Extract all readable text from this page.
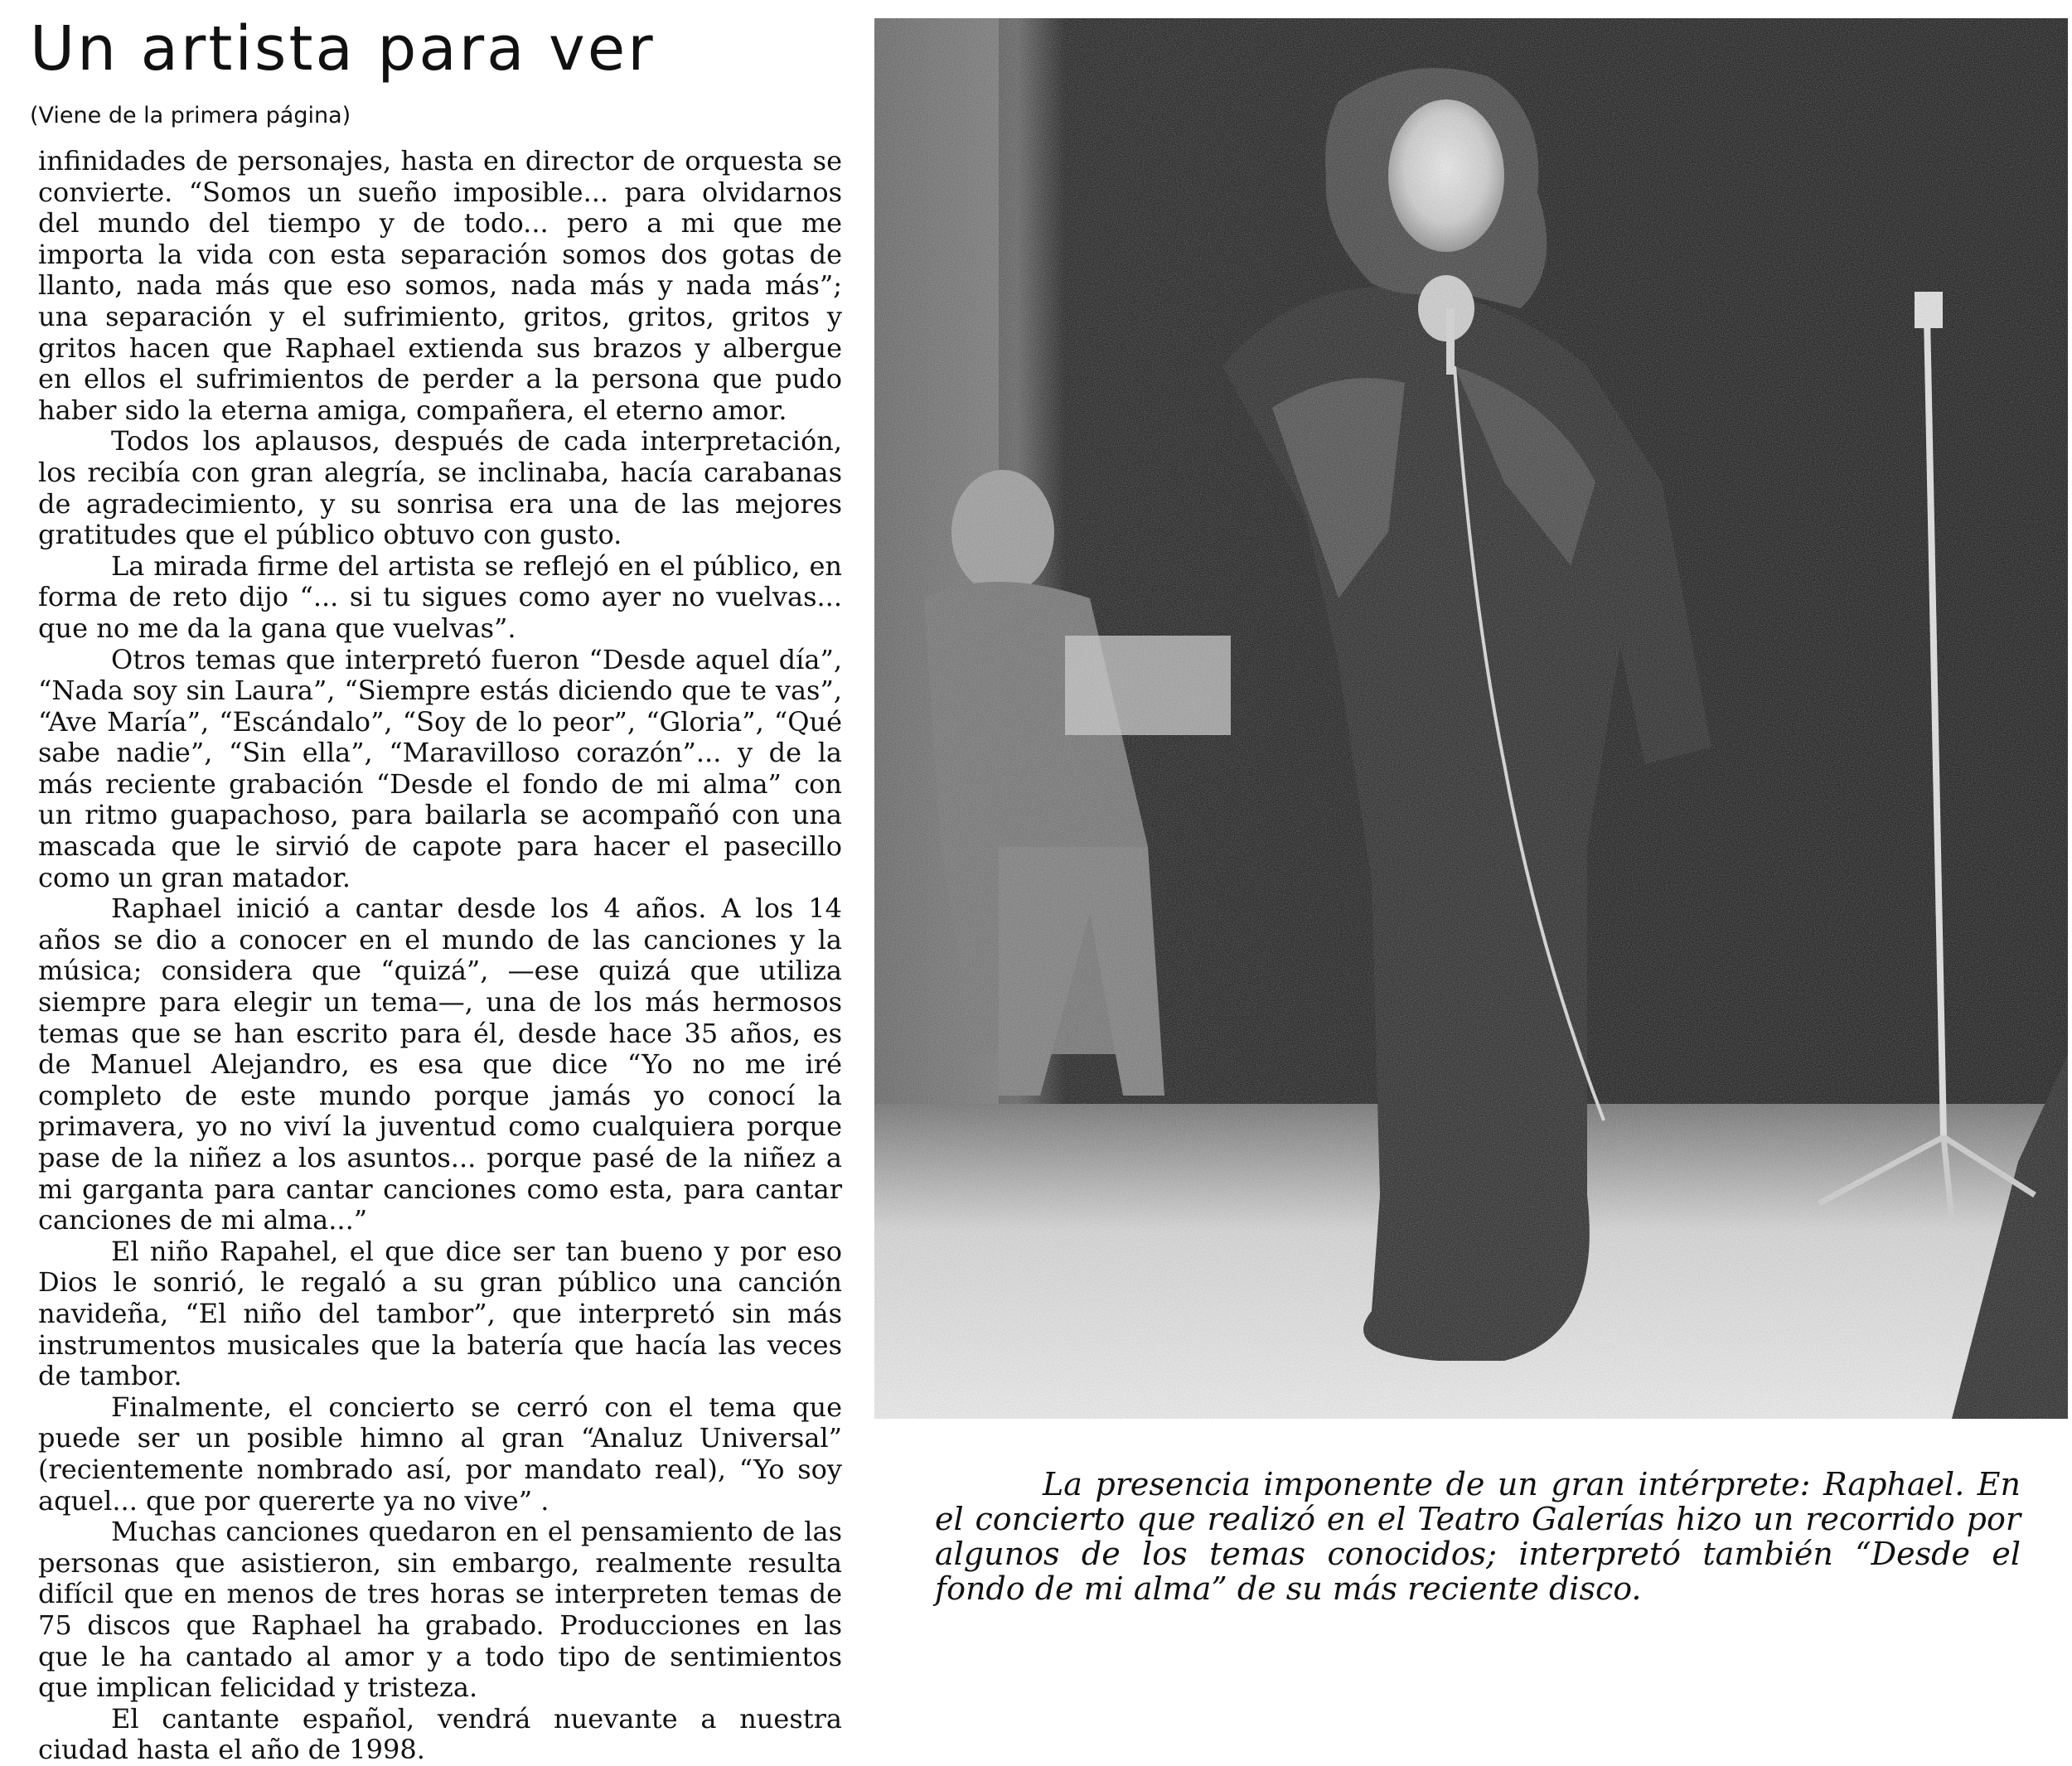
Un artista para ver

(Viene de la primera página)

infinidades de personajes, hasta en director de orquesta se convierte. “Somos un sueño imposible... para olvidarnos del mundo del tiempo y de todo... pero a mi que me importa la vida con esta separación somos dos gotas de llanto, nada más que eso somos, nada más y nada más”; una separación y el sufrimiento, gritos, gritos, gritos y gritos hacen que Raphael extienda sus brazos y albergue en ellos el sufrimientos de perder a la persona que pudo haber sido la eterna amiga, compañera, el eterno amor.

Todos los aplausos, después de cada interpretación, los recibía con gran alegría, se inclinaba, hacía carabanas de agradecimiento, y su sonrisa era una de las mejores gratitudes que el público obtuvo con gusto.

La mirada firme del artista se reflejó en el público, en forma de reto dijo “... si tu sigues como ayer no vuelvas... que no me da la gana que vuelvas”.

Otros temas que interpretó fueron “Desde aquel día”, “Nada soy sin Laura”, “Siempre estás diciendo que te vas”, “Ave María”, “Escándalo”, “Soy de lo peor”, “Gloria”, “Qué sabe nadie”, “Sin ella”, “Maravilloso corazón”... y de la más reciente grabación “Desde el fondo de mi alma” con un ritmo guapachoso, para bailarla se acompañó con una mascada que le sirvió de capote para hacer el pasecillo como un gran matador.

Raphael inició a cantar desde los 4 años. A los 14 años se dio a conocer en el mundo de las canciones y la música; considera que “quizá”, —ese quizá que utiliza siempre para elegir un tema—, una de los más hermosos temas que se han escrito para él, desde hace 35 años, es de Manuel Alejandro, es esa que dice “Yo no me iré completo de este mundo porque jamás yo conocí la primavera, yo no viví la juventud como cualquiera porque pase de la niñez a los asuntos... porque pasé de la niñez a mi garganta para cantar canciones como esta, para cantar canciones de mi alma...”

El niño Rapahel, el que dice ser tan bueno y por eso Dios le sonrió, le regaló a su gran público una canción navideña, “El niño del tambor”, que interpretó sin más instrumentos musicales que la batería que hacía las veces de tambor.

Finalmente, el concierto se cerró con el tema que puede ser un posible himno al gran “Analuz Universal” (recientemente nombrado así, por mandato real), “Yo soy aquel... que por quererte ya no vive” .

Muchas canciones quedaron en el pensamiento de las personas que asistieron, sin embargo, realmente resulta difícil que en menos de tres horas se interpreten temas de 75 discos que Raphael ha grabado. Producciones en las que le ha cantado al amor y a todo tipo de sentimientos que implican felicidad y tristeza.

El cantante español, vendrá nuevante a nuestra ciudad hasta el año de 1998.

La presencia imponente de un gran intérprete: Raphael. En el concierto que realizó en el Teatro Galerías hizo un recorrido por algunos de los temas conocidos; interpretó también “Desde el fondo de mi alma” de su más reciente disco.
